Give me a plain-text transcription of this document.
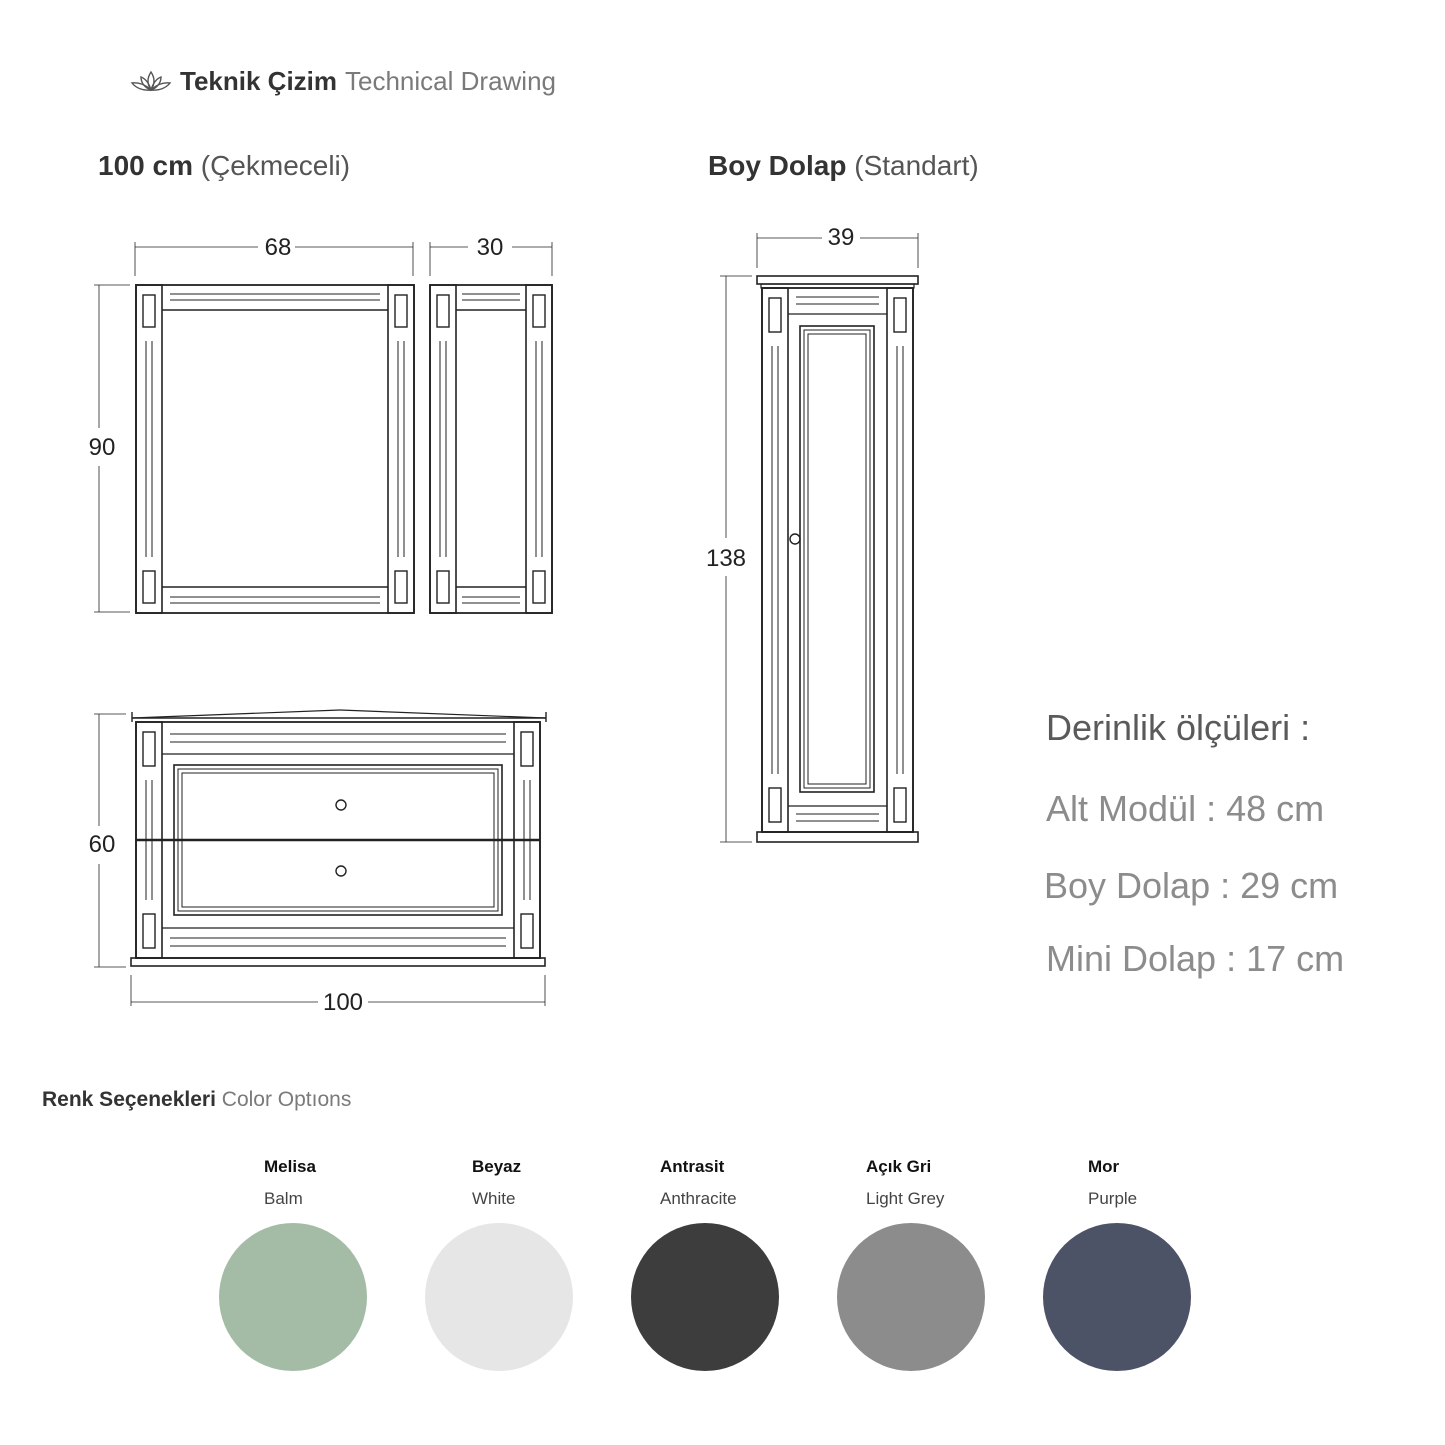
Teknik Çizim Technical Drawing
100 cm (Çekmeceli)	Boy Dolap (Standart)
68	30
90
60
100
39
138
Derinlik ölçüleri :
Alt Modül : 48 cm
Boy Dolap : 29 cm
Mini Dolap : 17 cm
Renk Seçenekleri Color Optıons
Melisa
Balm
Beyaz
White
Antrasit
Anthracite
Açık Gri
Light Grey
Mor
Purple
